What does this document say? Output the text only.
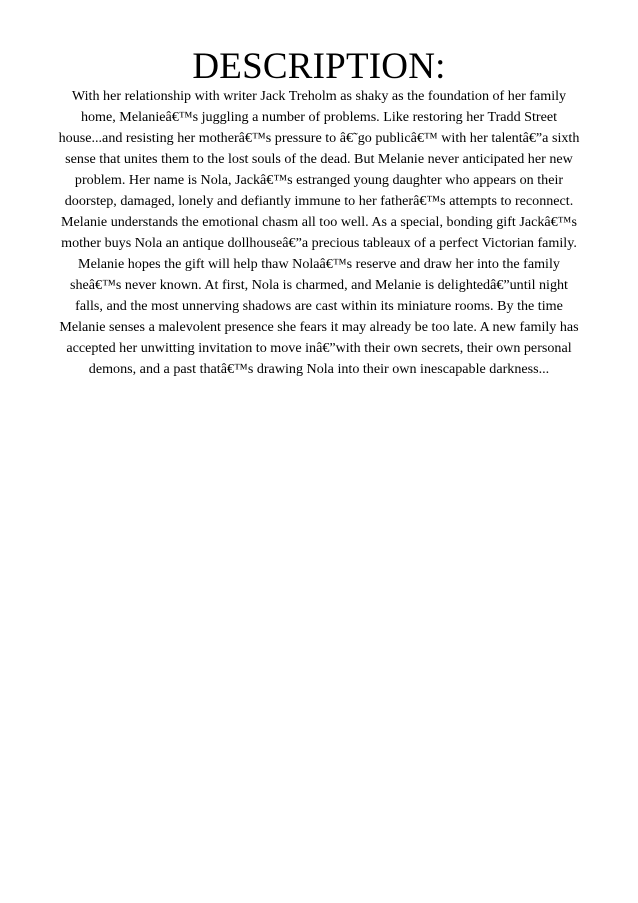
DESCRIPTION:
With her relationship with writer Jack Treholm as shaky as the foundation of her family
home, Melanieâ€™s juggling a number of problems. Like restoring her Tradd Street
house...and resisting her motherâ€™s pressure to â€˜go publicâ€™ with her talentâ€”a sixth
sense that unites them to the lost souls of the dead. But Melanie never anticipated her new
problem. Her name is Nola, Jackâ€™s estranged young daughter who appears on their
doorstep, damaged, lonely and defiantly immune to her fatherâ€™s attempts to reconnect.
Melanie understands the emotional chasm all too well. As a special, bonding gift Jackâ€™s
mother buys Nola an antique dollhouseâ€”a precious tableaux of a perfect Victorian family.
Melanie hopes the gift will help thaw Nolaâ€™s reserve and draw her into the family
sheâ€™s never known. At first, Nola is charmed, and Melanie is delightedâ€”until night
falls, and the most unnerving shadows are cast within its miniature rooms. By the time
Melanie senses a malevolent presence she fears it may already be too late. A new family has
accepted her unwitting invitation to move inâ€”with their own secrets, their own personal
demons, and a past thatâ€™s drawing Nola into their own inescapable darkness...
